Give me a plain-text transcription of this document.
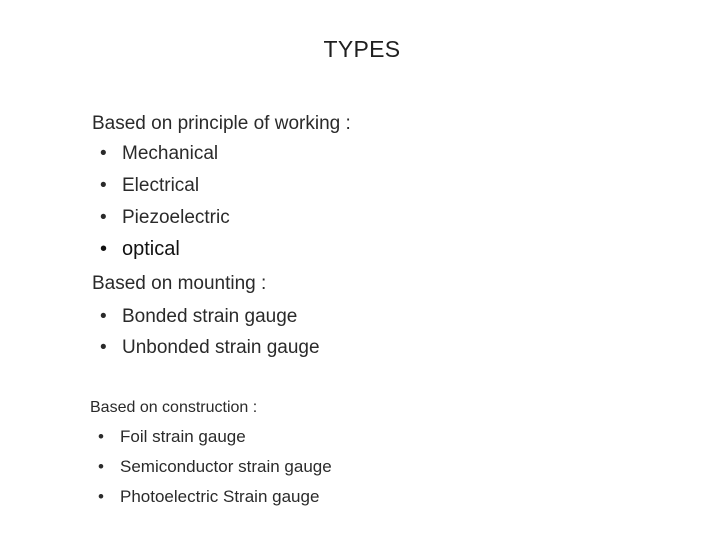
TYPES
Based on principle of working :
• Mechanical
• Electrical
• Piezoelectric
• optical
Based on mounting :
• Bonded strain gauge
• Unbonded strain gauge
Based on construction :
• Foil strain gauge
• Semiconductor strain gauge
• Photoelectric Strain gauge
